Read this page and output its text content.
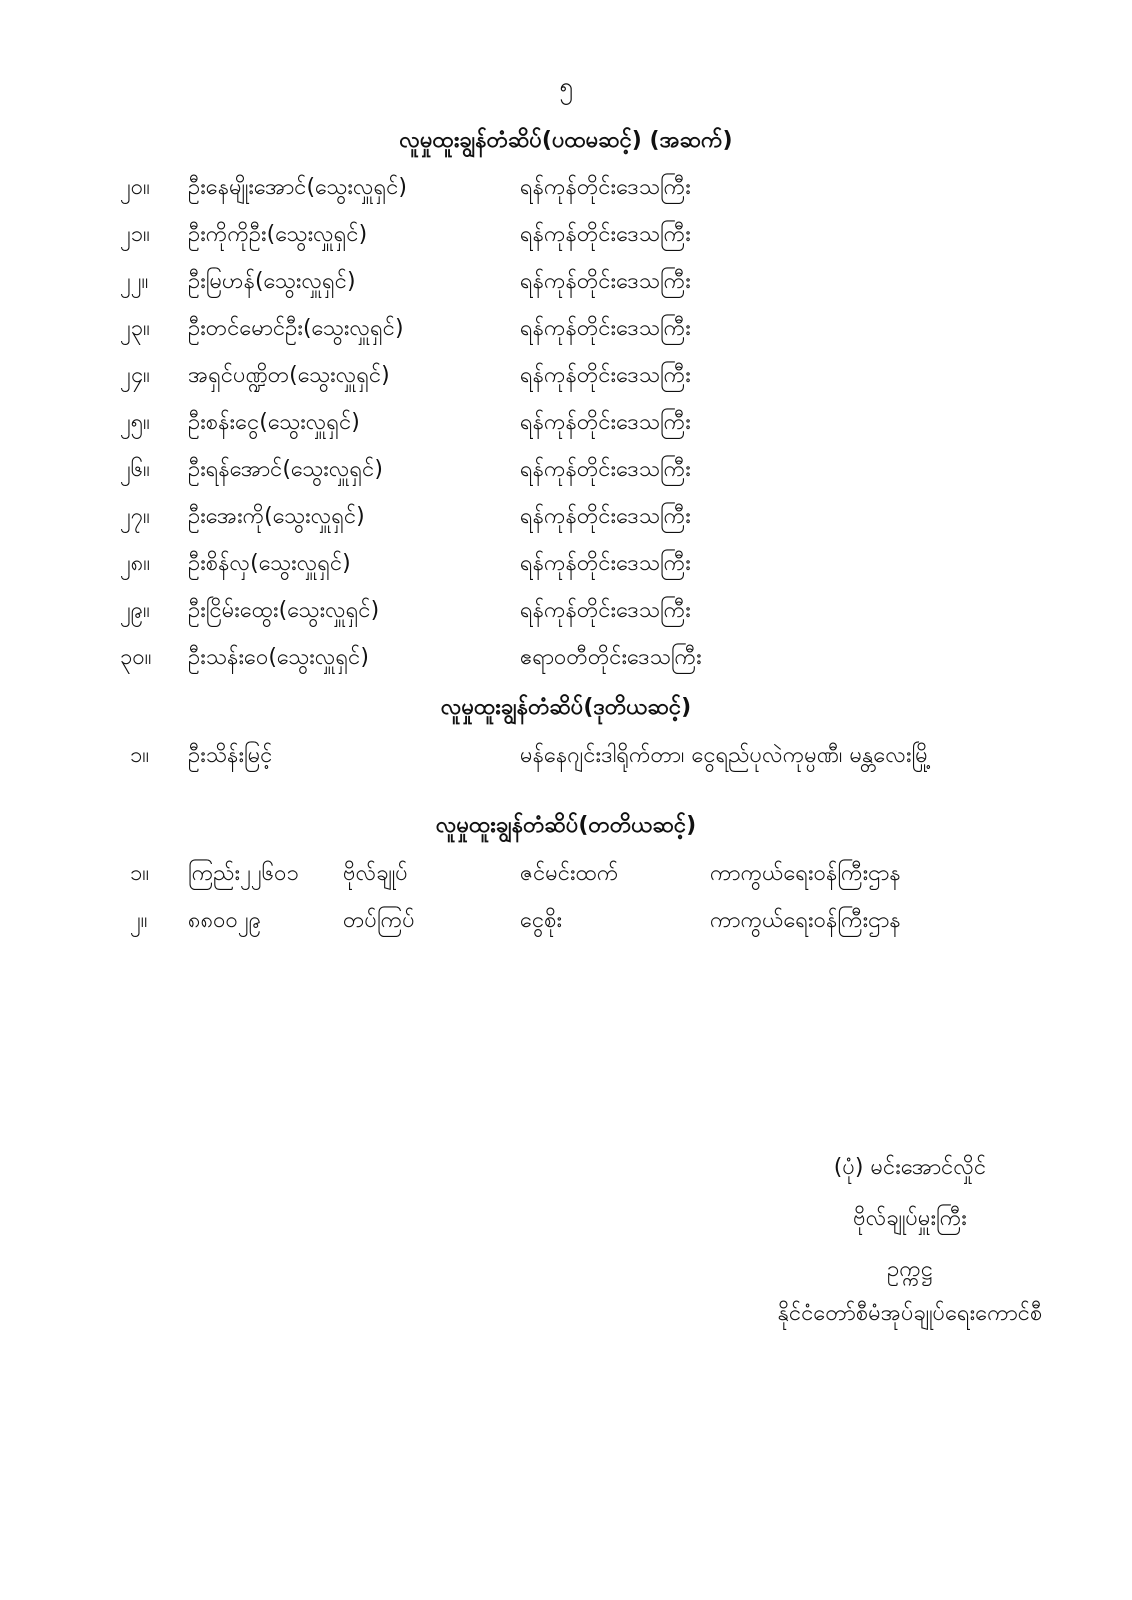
၅
လူမှုထူးချွန်တံဆိပ်(ပထမဆင့်) (အဆက်)
၂၀။ ဦးနေမျိုးအောင်(သွေးလှူရှင်)	ရန်ကုန်တိုင်းဒေသကြီး
၂၁။ ဦးကိုကိုဦး(သွေးလှူရှင်)	ရန်ကုန်တိုင်းဒေသကြီး
၂၂။ ဦးမြဟန်(သွေးလှူရှင်)	ရန်ကုန်တိုင်းဒေသကြီး
၂၃။ ဦးတင်မောင်ဦး(သွေးလှူရှင်)	ရန်ကုန်တိုင်းဒေသကြီး
၂၄။ အရှင်ပဏ္ဍိတ(သွေးလှူရှင်)	ရန်ကုန်တိုင်းဒေသကြီး
၂၅။ ဦးစန်းငွေ(သွေးလှူရှင်)	ရန်ကုန်တိုင်းဒေသကြီး
၂၆။ ဦးရန်အောင်(သွေးလှူရှင်)	ရန်ကုန်တိုင်းဒေသကြီး
၂၇။ ဦးအေးကို(သွေးလှူရှင်)	ရန်ကုန်တိုင်းဒေသကြီး
၂၈။ ဦးစိန်လှ(သွေးလှူရှင်)	ရန်ကုန်တိုင်းဒေသကြီး
၂၉။ ဦးငြိမ်းထွေး(သွေးလှူရှင်)	ရန်ကုန်တိုင်းဒေသကြီး
၃၀။ ဦးသန်းဝေ(သွေးလှူရှင်)	ဧရာဝတီတိုင်းဒေသကြီး
လူမှုထူးချွန်တံဆိပ်(ဒုတိယဆင့်)
၁။ ဦးသိန်းမြင့်	မန်နေဂျင်းဒါရိုက်တာ၊ ငွေရည်ပုလဲကုမ္ပဏီ၊ မန္တလေးမြို့
လူမှုထူးချွန်တံဆိပ်(တတိယဆင့်)
၁။ ကြည်း၂၂၆၀၁ ဗိုလ်ချုပ်	ဇင်မင်းထက်	ကာကွယ်ရေးဝန်ကြီးဌာန
၂။ ၈၈၀၀၂၉	တပ်ကြပ်	ငွေစိုး	ကာကွယ်ရေးဝန်ကြီးဌာန
(ပုံ) မင်းအောင်လှိုင်
ဗိုလ်ချုပ်မှူးကြီး
ဥက္ကဋ္ဌ
နိုင်ငံတော်စီမံအုပ်ချုပ်ရေးကောင်စီ
